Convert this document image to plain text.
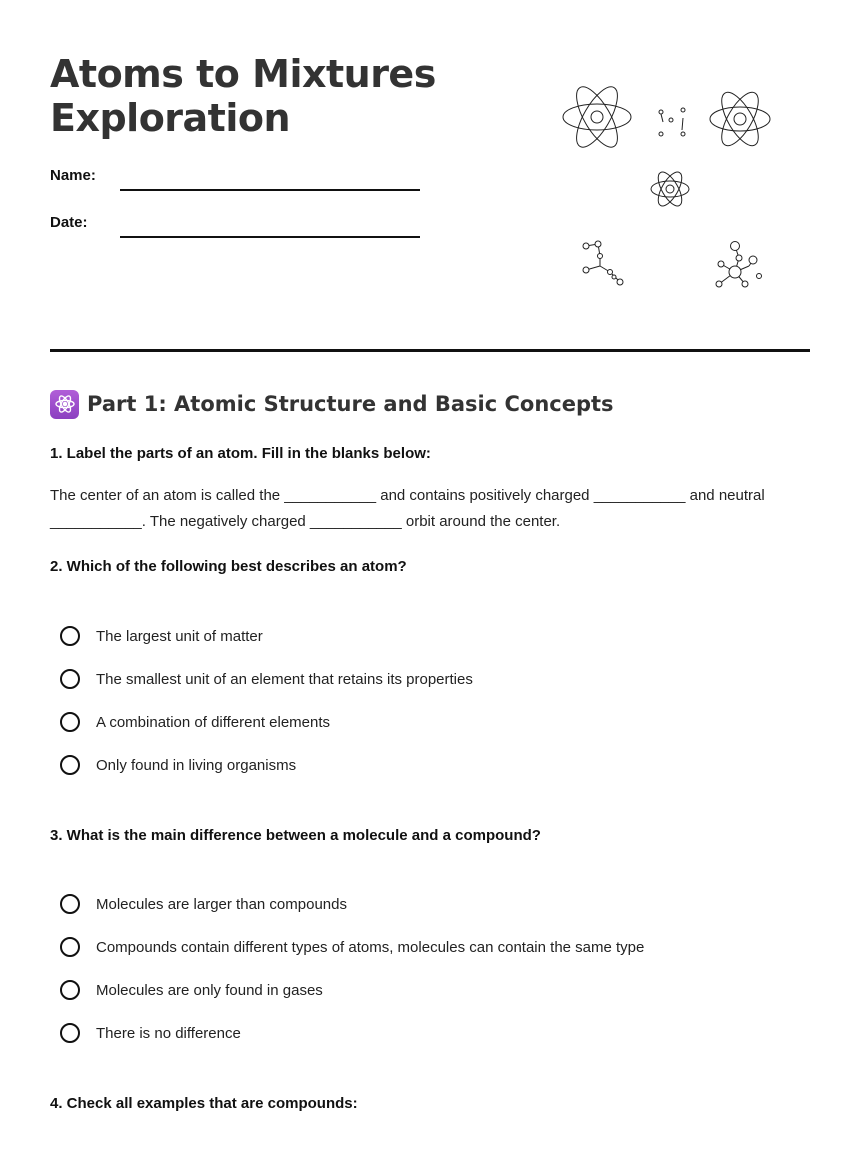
Atoms to Mixtures Exploration
Name:
Date:
Part 1: Atomic Structure and Basic Concepts
1. Label the parts of an atom. Fill in the blanks below:
The center of an atom is called the ___________ and contains positively charged ___________ and neutral
___________. The negatively charged ___________ orbit around the center.
2. Which of the following best describes an atom?
The largest unit of matter
The smallest unit of an element that retains its properties
A combination of different elements
Only found in living organisms
3. What is the main difference between a molecule and a compound?
Molecules are larger than compounds
Compounds contain different types of atoms, molecules can contain the same type
Molecules are only found in gases
There is no difference
4. Check all examples that are compounds:
